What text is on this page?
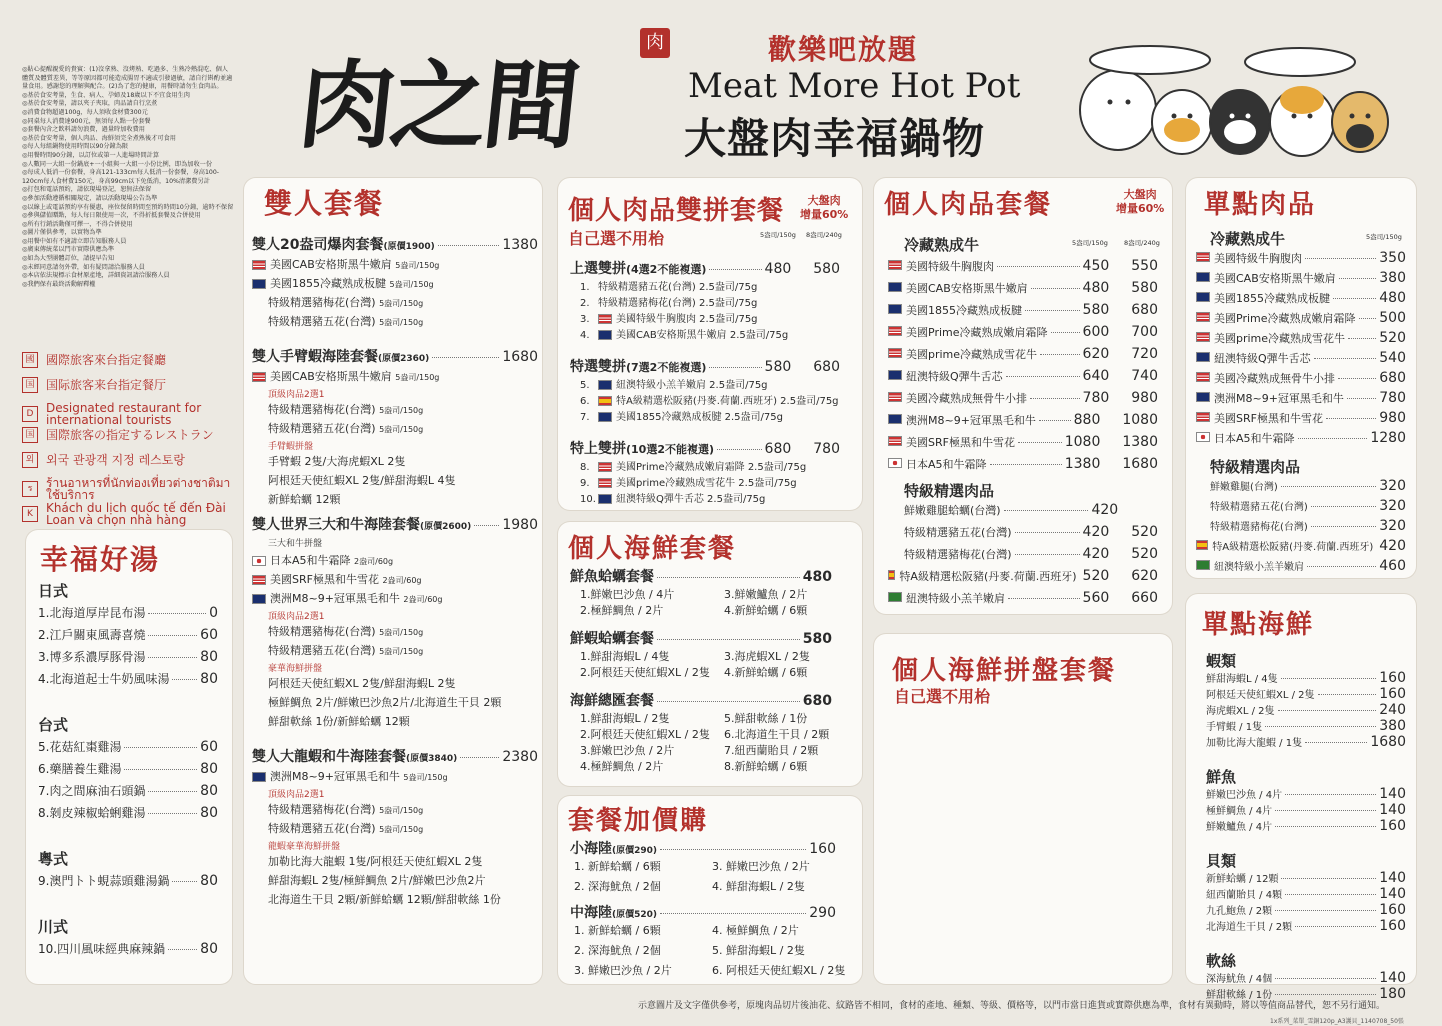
肉之間
肉	歡樂吧放題
Meat More Hot Pot
大盤肉幸福鍋物
◎貼心提醒親愛的貴賓：(1)沒拿熟、沒烤熟、吃過多、生熟冷熱混吃、個人體質及體質差異，等等原因都可能造成腸胃不適或引發過敏，請自行斟酌並適量食用。感謝您的理解與配合。(2)為了您的健康，用餐時請勿生食肉品。
◎基於食安考量，生食、病人、孕婦及18歲以下不宜食用生肉
◎基於食安考量，請以夾子夾取，肉品請自行烹煮
◎消費食物超過100g，每人須收食材費300元
◎同桌每人消費達900元，無須每人點一份套餐
◎套餐內含之飲料請勿浪費，過量時加收費用
◎基於食安考量，個人肉品、海鮮須完全煮熟後才可食用
◎每人每組鍋物使用時間以90分鐘為限
◎用餐時間90分鐘，以訂位或第一人進場時間計算
◎人數同一大組一份鍋底+一小組與一大組一小份比例，即為加收一份
◎每成人低消一份套餐，身高121-133cm每人低消一份套餐，身高100-120cm每人食材費150元，身高99cm以下免低消，10%清潔費另計
◎打包和電話預約，請依現場登記，恕無法保留
◎參加活動遵循相關規定，請以活動現場公告為準
◎以線上或電話預約享有優惠，座位保留時間至預約時間10分鐘，逾時不保留
◎參與儲值贈點，每人每日限使用一次，不得折抵套餐及合併使用
◎所有行銷活動僅可擇一，不得合併使用
◎圖片僅供參考，以實物為準
◎用餐中如有不適請立即告知服務人員
◎廣東傳統菜以門市實際供應為準
◎如為大型團體訂位，請提早告知
◎未經同意請勿外帶，如有疑問請洽服務人員
◎本店依法規標示食材原產地，詳細資訊請洽服務人員
◎我們保有最終活動解釋權
國 國際旅客來台指定餐廳
国 国际旅客来台指定餐厅
D	Designated restaurant for international tourists
国 国際旅客の指定するレストラン
외 외국 관광객 지정 레스토랑
ร	ร้านอาหารที่นักท่องเที่ยวต่างชาติมาใช้บริการ
K	Khách du lịch quốc tế đến Đài Loan và chọn nhà hàng
幸福好湯
日式
1.北海道厚岸昆布湯	0
2.江戶關東風壽喜燒	60
3.博多系濃厚豚骨湯	80
4.北海道起士牛奶風味湯 80
台式
5.花菇紅棗雞湯	60
6.藥膳養生雞湯	80
7.肉之間麻油石頭鍋	80
8.剝皮辣椒蛤蜊雞湯	80
粵式
9.澳門トト蜆蒜頭雞湯鍋 80
川式
10.四川風味經典麻辣鍋	80
雙人套餐
雙人20盎司爆肉套餐 (原價1900)	1380
美國CAB安格斯黑牛嫩肩 5盎司/150g
美國1855冷藏熟成板腱 5盎司/150g
特級精選豬梅花(台灣) 5盎司/150g
特級精選豬五花(台灣) 5盎司/150g
雙人手臂蝦海陸套餐 (原價2360)	1680
美國CAB安格斯黑牛嫩肩 5盎司/150g
頂級肉品2選1
特級精選豬梅花(台灣) 5盎司/150g
特級精選豬五花(台灣) 5盎司/150g
手臂蝦拼盤
手臂蝦 2隻/大海虎蝦XL 2隻
阿根廷天使紅蝦XL 2隻/鮮甜海蝦L 4隻
新鮮蛤蠣 12顆
雙人世界三大和牛海陸套餐 (原價2600) 1980
三大和牛拼盤
日本A5和牛霜降 2盎司/60g
美國SRF極黑和牛雪花 2盎司/60g
澳洲M8~9+冠軍黑毛和牛 2盎司/60g
頂級肉品2選1
特級精選豬梅花(台灣) 5盎司/150g
特級精選豬五花(台灣) 5盎司/150g
豪華海鮮拼盤
阿根廷天使紅蝦XL 2隻/鮮甜海蝦L 2隻
極鮮鯛魚 2片/鮮嫩巴沙魚2片/北海道生干貝 2顆
鮮甜軟絲 1份/新鮮蛤蠣 12顆
雙人大龍蝦和牛海陸套餐 (原價3840)	2380
澳洲M8~9+冠軍黑毛和牛 5盎司/150g
頂級肉品2選1
特級精選豬梅花(台灣) 5盎司/150g
特級精選豬五花(台灣) 5盎司/150g
龍蝦豪華海鮮拼盤
加勒比海大龍蝦 1隻/阿根廷天使紅蝦XL 2隻
鮮甜海蝦L 2隻/極鮮鯛魚 2片/鮮嫩巴沙魚2片
北海道生干貝 2顆/新鮮蛤蠣 12顆/鮮甜軟絲 1份
個人肉品雙拼套餐	大盤肉
增量60%
自己選不用枱	5盎司/150g 8盎司/240g
上選雙拼 (4選2不能複選)	480 580
1. 特級精選豬五花(台灣) 2.5盎司/75g
2. 特級精選豬梅花(台灣) 2.5盎司/75g
3.	美國特級牛胸腹肉 2.5盎司/75g
4.	美國CAB安格斯黑牛嫩肩 2.5盎司/75g
特選雙拼 (7選2不能複選)	580 680
5.	紐澳特級小羔羊嫩肩 2.5盎司/75g
6.	特A級精選松阪豬(丹麥.荷蘭.西班牙) 2.5盎司/75g
7.	美國1855冷藏熟成板腱 2.5盎司/75g
特上雙拼 (10選2不能複選)	680 780
8.	美國Prime冷藏熟成嫩肩霜降 2.5盎司/75g
9.	美國prime冷藏熟成雪花牛 2.5盎司/75g
10. 紐澳特級Q彈牛舌芯 2.5盎司/75g
個人海鮮套餐
鮮魚蛤蠣套餐	480
1.鮮嫩巴沙魚 / 4片	3.鮮嫩鱸魚 / 2片
2.極鮮鯛魚 / 2片	4.新鮮蛤蠣 / 6顆
鮮蝦蛤蠣套餐	580
1.鮮甜海蝦L / 4隻	3.海虎蝦XL / 2隻
2.阿根廷天使紅蝦XL / 2隻 4.新鮮蛤蠣 / 6顆
海鮮總匯套餐	680
1.鮮甜海蝦L / 2隻	5.鮮甜軟絲 / 1份
2.阿根廷天使紅蝦XL / 2隻 6.北海道生干貝 / 2顆
3.鮮嫩巴沙魚 / 2片	7.紐西蘭貽貝 / 2顆
4.極鮮鯛魚 / 2片	8.新鮮蛤蠣 / 6顆
套餐加價購
小海陸 (原價290)	160
1. 新鮮蛤蠣 / 6顆	3. 鮮嫩巴沙魚 / 2片
2. 深海魷魚 / 2個	4. 鮮甜海蝦L / 2隻
中海陸 (原價520)	290
1. 新鮮蛤蠣 / 6顆	4. 極鮮鯛魚 / 2片
2. 深海魷魚 / 2個	5. 鮮甜海蝦L / 2隻
3. 鮮嫩巴沙魚 / 2片	6. 阿根廷天使紅蝦XL / 2隻
個人肉品套餐	大盤肉
增量60%
冷藏熟成牛	5盎司/150g 8盎司/240g
美國特級牛胸腹肉	450 550
美國CAB安格斯黑牛嫩肩	480 580
美國1855冷藏熟成板腱	580 680
美國Prime冷藏熟成嫩肩霜降	600 700
美國prime冷藏熟成雪花牛	620 720
紐澳特級Q彈牛舌芯	640 740
美國冷藏熟成無骨牛小排	780 980
澳洲M8~9+冠軍黑毛和牛	880 1080
美國SRF極黑和牛雪花	1080 1380
日本A5和牛霜降	1380 1680
特級精選肉品
鮮嫩雞腿蛤蠣(台灣)	420

特級精選豬五花(台灣)	420 520
特級精選豬梅花(台灣)	420 520
特A級精選松阪豬(丹麥.荷蘭.西班牙) 520 620
紐澳特級小羔羊嫩肩	560 660
個人海鮮拼盤套餐
自己選不用枱
單點肉品
冷藏熟成牛	5盎司/150g
美國特級牛胸腹肉	350
美國CAB安格斯黑牛嫩肩	380
美國1855冷藏熟成板腱	480
美國Prime冷藏熟成嫩肩霜降 500
美國prime冷藏熟成雪花牛 520
紐澳特級Q彈牛舌芯	540
美國冷藏熟成無骨牛小排	680
澳洲M8~9+冠軍黑毛和牛	780
美國SRF極黑和牛雪花	980
日本A5和牛霜降	1280
特級精選肉品
鮮嫩雞腿(台灣)	320
特級精選豬五花(台灣)	320
特級精選豬梅花(台灣)	320
特A級精選松阪豬(丹麥.荷蘭.西班牙) 420
紐澳特級小羔羊嫩肩	460
單點海鮮
蝦類
鮮甜海蝦L / 4隻	160
阿根廷天使紅蝦XL / 2隻	160
海虎蝦XL / 2隻	240
手臂蝦 / 1隻	380
加勒比海大龍蝦 / 1隻	1680
鮮魚
鮮嫩巴沙魚 / 4片	140
極鮮鯛魚 / 4片	140
鮮嫩鱸魚 / 4片	160
貝類
新鮮蛤蠣 / 12顆	140
紐西蘭貽貝 / 4顆	140
九孔鮑魚 / 2顆	160
北海道生干貝 / 2顆	160
軟絲
深海魷魚 / 4個	140
鮮甜軟絲 / 1份	180
示意圖片及文字僅供參考，原塊肉品切片後油花、紋路皆不相同，食材的產地、種類、等級、價格等，以門市當日進貨或實際供應為準，食材有異動時，將以等值商品替代，恕不另行通知。
1x系列_菜單_雪銅120p_A3護貝_1140708_50張
